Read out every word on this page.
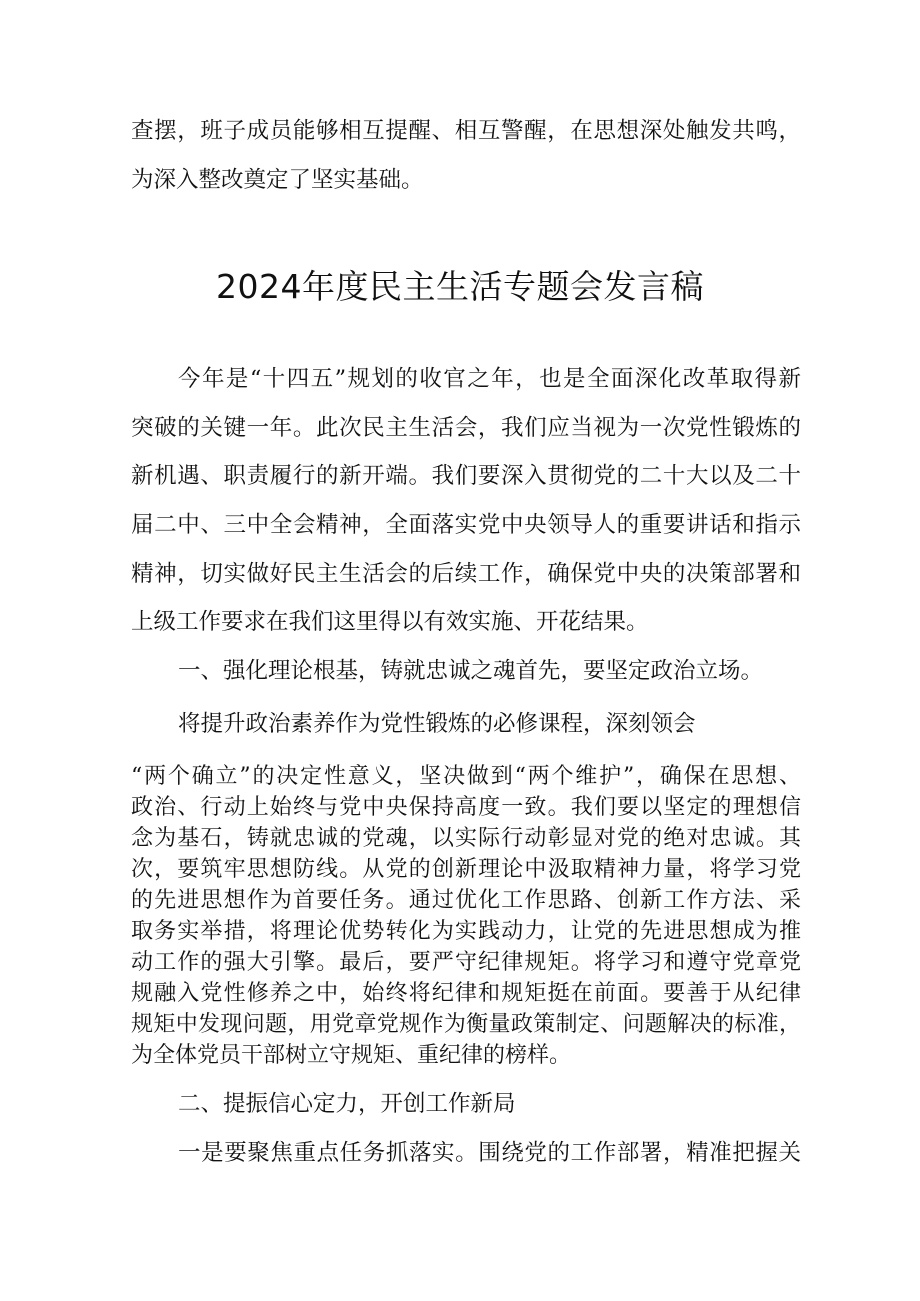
查摆，班子成员能够相互提醒、相互警醒，在思想深处触发共鸣，
为深入整改奠定了坚实基础。
2024年度民主生活专题会发言稿
今年是“十四五”规划的收官之年，也是全面深化改革取得新
突破的关键一年。此次民主生活会，我们应当视为一次党性锻炼的
新机遇、职责履行的新开端。我们要深入贯彻党的二十大以及二十
届二中、三中全会精神，全面落实党中央领导人的重要讲话和指示
精神，切实做好民主生活会的后续工作，确保党中央的决策部署和
上级工作要求在我们这里得以有效实施、开花结果。
一、强化理论根基，铸就忠诚之魂首先，要坚定政治立场。
将提升政治素养作为党性锻炼的必修课程，深刻领会
“两个确立”的决定性意义，坚决做到“两个维护”，确保在思想、
政治、行动上始终与党中央保持高度一致。我们要以坚定的理想信
念为基石，铸就忠诚的党魂，以实际行动彰显对党的绝对忠诚。其
次，要筑牢思想防线。从党的创新理论中汲取精神力量，将学习党
的先进思想作为首要任务。通过优化工作思路、创新工作方法、采
取务实举措，将理论优势转化为实践动力，让党的先进思想成为推
动工作的强大引擎。最后，要严守纪律规矩。将学习和遵守党章党
规融入党性修养之中，始终将纪律和规矩挺在前面。要善于从纪律
规矩中发现问题，用党章党规作为衡量政策制定、问题解决的标准，
为全体党员干部树立守规矩、重纪律的榜样。
二、提振信心定力，开创工作新局
一是要聚焦重点任务抓落实。围绕党的工作部署，精准把握关
